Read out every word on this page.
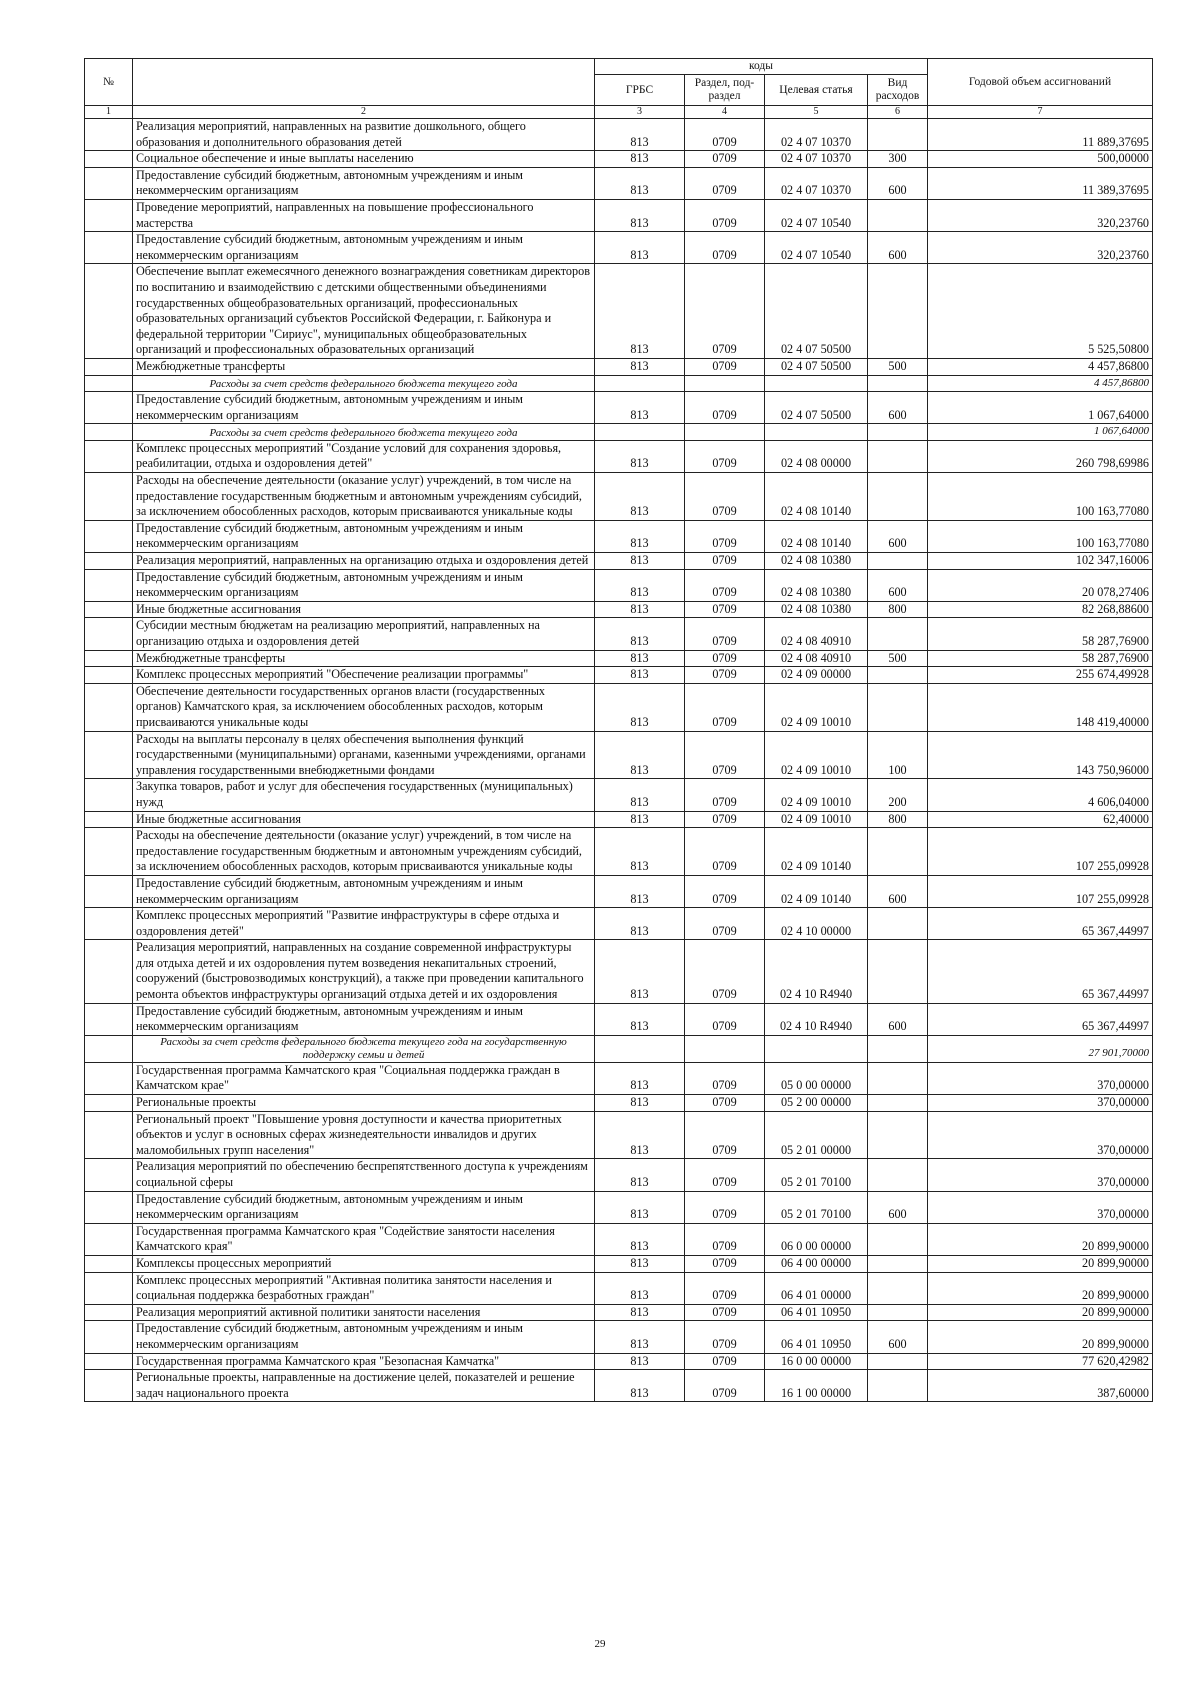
№		коды				Годовой объем ассигнований
		ГРБС	Раздел, под-раздел	Целевая статья	Вид расходов	
1	2	3	4	5	6	7
	Реализация мероприятий, направленных на развитие дошкольного, общего образования и дополнительного образования детей	813	0709	02 4 07 10370		11 889,37695
	Социальное обеспечение и иные выплаты населению	813	0709	02 4 07 10370	300	500,00000
	Предоставление субсидий бюджетным, автономным учреждениям и иным некоммерческим организациям	813	0709	02 4 07 10370	600	11 389,37695
	Проведение мероприятий, направленных на повышение профессионального мастерства	813	0709	02 4 07 10540		320,23760
	Предоставление субсидий бюджетным, автономным учреждениям и иным некоммерческим организациям	813	0709	02 4 07 10540	600	320,23760
	Обеспечение выплат ежемесячного денежного вознаграждения советникам директоров по воспитанию и взаимодействию с детскими общественными объединениями государственных общеобразовательных организаций, профессиональных образовательных организаций субъектов Российской Федерации, г. Байконура и федеральной территории "Сириус", муниципальных общеобразовательных организаций и профессиональных образовательных организаций	813	0709	02 4 07 50500		5 525,50800
	Межбюджетные трансферты	813	0709	02 4 07 50500	500	4 457,86800
	Расходы за счет средств федерального бюджета текущего года					4 457,86800
	Предоставление субсидий бюджетным, автономным учреждениям и иным некоммерческим организациям	813	0709	02 4 07 50500	600	1 067,64000
	Расходы за счет средств федерального бюджета текущего года					1 067,64000
	Комплекс процессных мероприятий "Создание условий для сохранения здоровья, реабилитации, отдыха и оздоровления детей"	813	0709	02 4 08 00000		260 798,69986
	Расходы на обеспечение деятельности (оказание услуг) учреждений, в том числе на предоставление государственным бюджетным и автономным учреждениям субсидий, за исключением обособленных расходов, которым присваиваются уникальные коды	813	0709	02 4 08 10140		100 163,77080
	Предоставление субсидий бюджетным, автономным учреждениям и иным некоммерческим организациям	813	0709	02 4 08 10140	600	100 163,77080
	Реализация мероприятий, направленных на организацию отдыха и оздоровления детей	813	0709	02 4 08 10380		102 347,16006
	Предоставление субсидий бюджетным, автономным учреждениям и иным некоммерческим организациям	813	0709	02 4 08 10380	600	20 078,27406
	Иные бюджетные ассигнования	813	0709	02 4 08 10380	800	82 268,88600
	Субсидии местным бюджетам на реализацию мероприятий, направленных на организацию отдыха и оздоровления детей	813	0709	02 4 08 40910		58 287,76900
	Межбюджетные трансферты	813	0709	02 4 08 40910	500	58 287,76900
	Комплекс процессных мероприятий "Обеспечение реализации программы"	813	0709	02 4 09 00000		255 674,49928
	Обеспечение деятельности государственных органов власти (государственных органов) Камчатского края, за исключением обособленных расходов, которым присваиваются уникальные коды	813	0709	02 4 09 10010		148 419,40000
	Расходы на выплаты персоналу в целях обеспечения выполнения функций государственными (муниципальными) органами, казенными учреждениями, органами управления государственными внебюджетными фондами	813	0709	02 4 09 10010	100	143 750,96000
	Закупка товаров, работ и услуг для обеспечения государственных (муниципальных) нужд	813	0709	02 4 09 10010	200	4 606,04000
	Иные бюджетные ассигнования	813	0709	02 4 09 10010	800	62,40000
	Расходы на обеспечение деятельности (оказание услуг) учреждений, в том числе на предоставление государственным бюджетным и автономным учреждениям субсидий, за исключением обособленных расходов, которым присваиваются уникальные коды	813	0709	02 4 09 10140		107 255,09928
	Предоставление субсидий бюджетным, автономным учреждениям и иным некоммерческим организациям	813	0709	02 4 09 10140	600	107 255,09928
	Комплекс процессных мероприятий "Развитие инфраструктуры в сфере отдыха и оздоровления детей"	813	0709	02 4 10 00000		65 367,44997
	Реализация мероприятий, направленных на создание современной инфраструктуры для отдыха детей и их оздоровления путем возведения некапитальных строений, сооружений (быстровозводимых конструкций), а также при проведении капитального ремонта объектов инфраструктуры организаций отдыха детей и их оздоровления	813	0709	02 4 10 R4940		65 367,44997
	Предоставление субсидий бюджетным, автономным учреждениям и иным некоммерческим организациям	813	0709	02 4 10 R4940	600	65 367,44997
	Расходы за счет средств федерального бюджета текущего года на государственную поддержку семьи и детей					27 901,70000
	Государственная программа Камчатского края "Социальная поддержка граждан в Камчатском крае"	813	0709	05 0 00 00000		370,00000
	Региональные проекты	813	0709	05 2 00 00000		370,00000
	Региональный проект "Повышение уровня доступности и качества приоритетных объектов и услуг в основных сферах жизнедеятельности инвалидов и других маломобильных групп населения"	813	0709	05 2 01 00000		370,00000
	Реализация мероприятий по обеспечению беспрепятственного доступа к учреждениям социальной сферы	813	0709	05 2 01 70100		370,00000
	Предоставление субсидий бюджетным, автономным учреждениям и иным некоммерческим организациям	813	0709	05 2 01 70100	600	370,00000
	Государственная программа Камчатского края "Содействие занятости населения Камчатского края"	813	0709	06 0 00 00000		20 899,90000
	Комплексы процессных мероприятий	813	0709	06 4 00 00000		20 899,90000
	Комплекс процессных мероприятий "Активная политика занятости населения и социальная поддержка безработных граждан"	813	0709	06 4 01 00000		20 899,90000
	Реализация мероприятий активной политики занятости населения	813	0709	06 4 01 10950		20 899,90000
	Предоставление субсидий бюджетным, автономным учреждениям и иным некоммерческим организациям	813	0709	06 4 01 10950	600	20 899,90000
	Государственная программа Камчатского края "Безопасная Камчатка"	813	0709	16 0 00 00000		77 620,42982
	Региональные проекты, направленные на достижение целей, показателей и решение задач национального проекта	813	0709	16 1 00 00000		387,60000
29
